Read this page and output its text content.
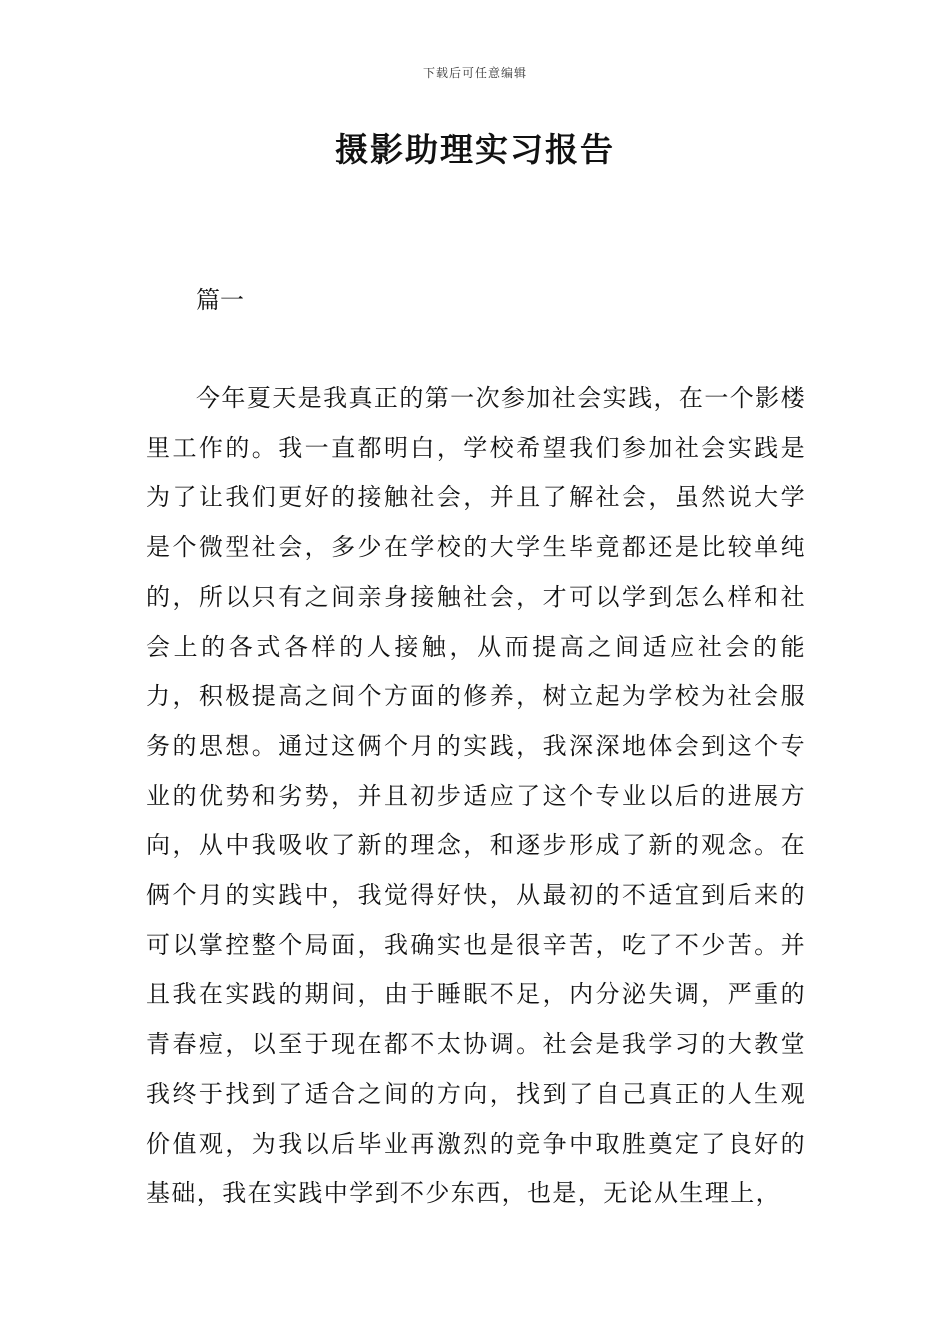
下载后可任意编辑
摄影助理实习报告
篇一

今年夏天是我真正的第一次参加社会实践，在一个影楼里工作的。我一直都明白，学校希望我们参加社会实践是为了让我们更好的接触社会，并且了解社会，虽然说大学是个微型社会，多少在学校的大学生毕竟都还是比较单纯的，所以只有之间亲身接触社会，才可以学到怎么样和社会上的各式各样的人接触，从而提高之间适应社会的能力，积极提高之间个方面的修养，树立起为学校为社会服务的思想。通过这俩个月的实践，我深深地体会到这个专业的优势和劣势，并且初步适应了这个专业以后的进展方向，从中我吸收了新的理念，和逐步形成了新的观念。在俩个月的实践中，我觉得好快，从最初的不适宜到后来的可以掌控整个局面，我确实也是很辛苦，吃了不少苦。并且我在实践的期间，由于睡眠不足，内分泌失调，严重的青春痘，以至于现在都不太协调。社会是我学习的大教堂我终于找到了适合之间的方向，找到了自己真正的人生观价值观，为我以后毕业再激烈的竞争中取胜奠定了良好的基础，我在实践中学到不少东西，也是，无论从生理上，
